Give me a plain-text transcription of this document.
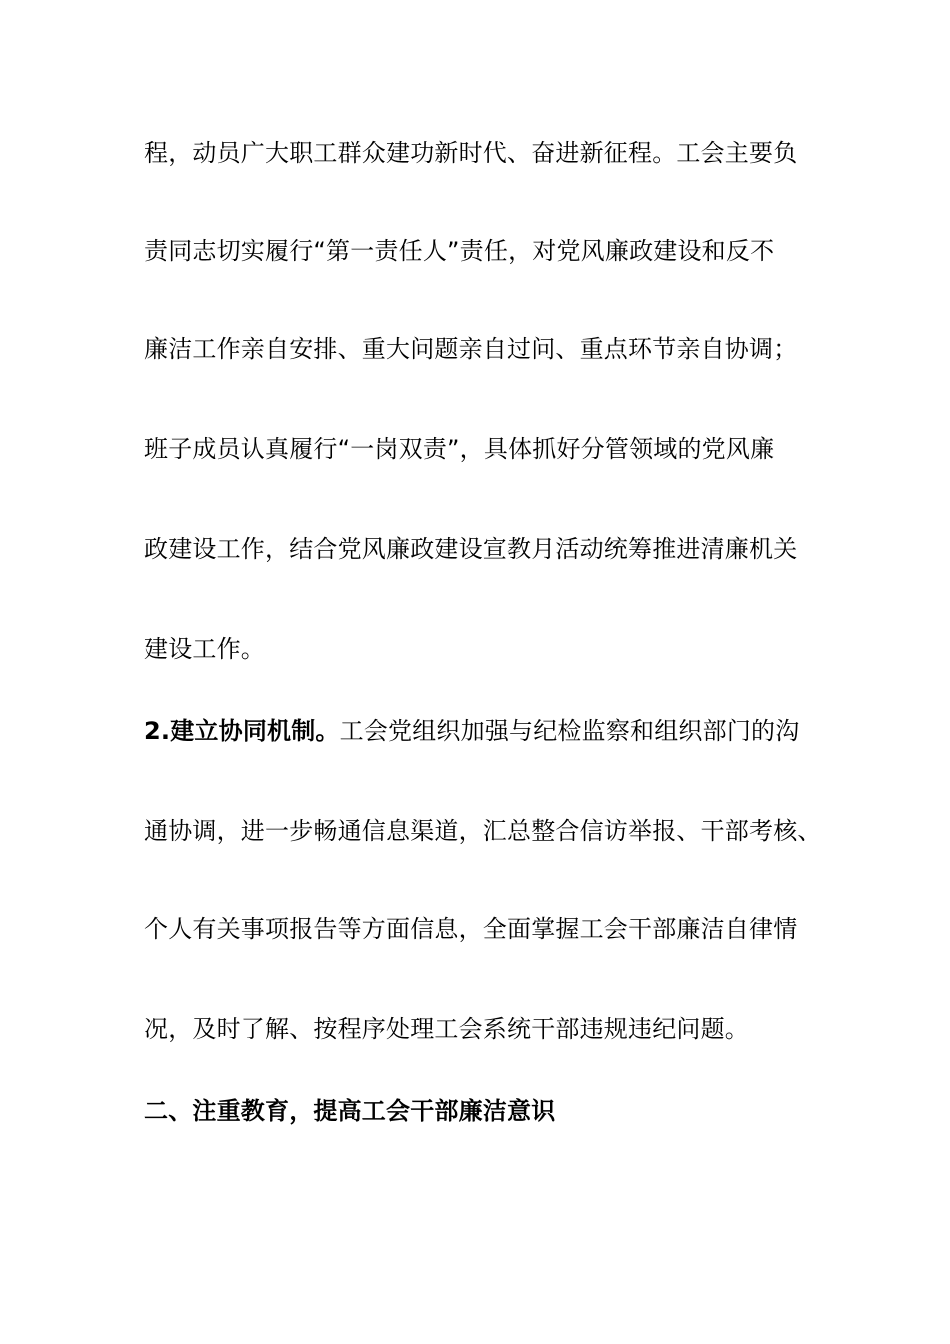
程，动员广大职工群众建功新时代、奋进新征程。工会主要负
责同志切实履行“第一责任人”责任，对党风廉政建设和反不
廉洁工作亲自安排、重大问题亲自过问、重点环节亲自协调；
班子成员认真履行“一岗双责”，具体抓好分管领域的党风廉
政建设工作，结合党风廉政建设宣教月活动统筹推进清廉机关
建设工作。
2.建立协同机制。工会党组织加强与纪检监察和组织部门的沟
通协调，进一步畅通信息渠道，汇总整合信访举报、干部考核、
个人有关事项报告等方面信息，全面掌握工会干部廉洁自律情
况，及时了解、按程序处理工会系统干部违规违纪问题。
二、注重教育，提高工会干部廉洁意识
